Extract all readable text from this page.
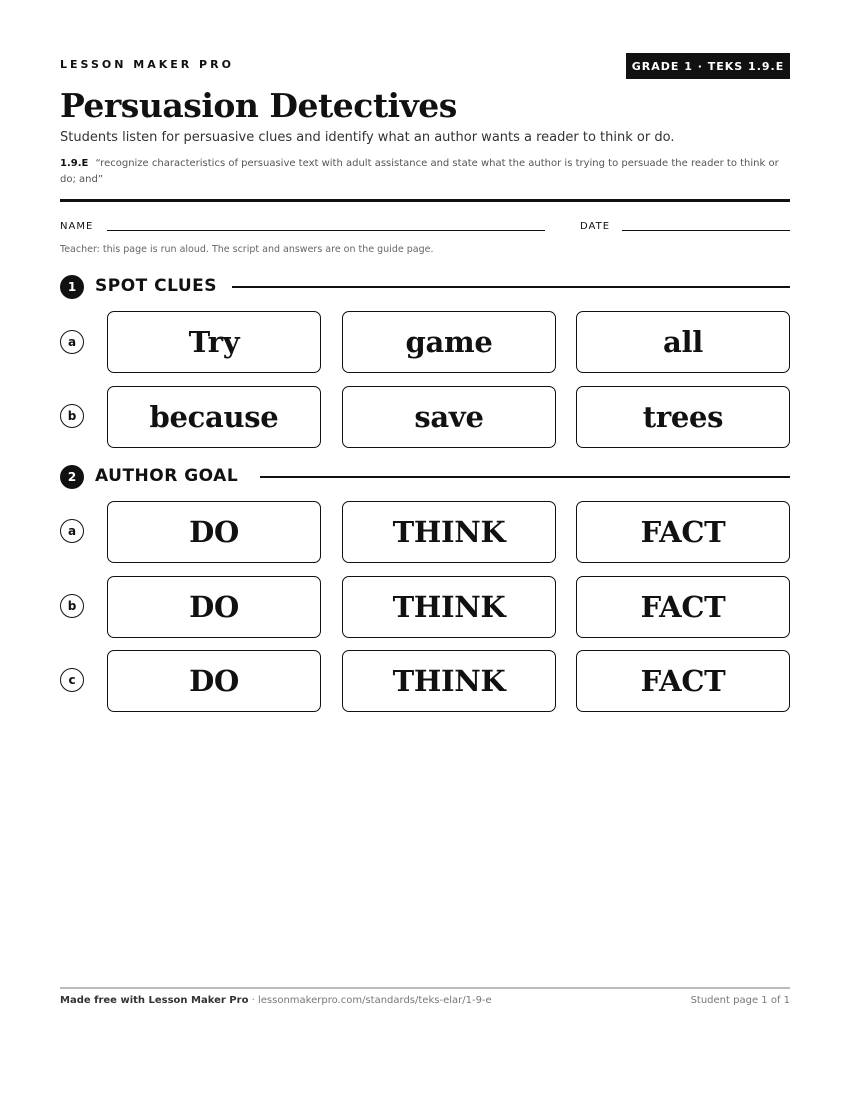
LESSON MAKER PRO	GRADE 1 · TEKS 1.9.E
Persuasion Detectives
Students listen for persuasive clues and identify what an author wants a reader to think or do.
1.9.E “recognize characteristics of persuasive text with adult assistance and state what the author is trying to persuade the reader to think or do; and”
NAME	DATE
Teacher: this page is run aloud. The script and answers are on the guide page.
1	SPOT CLUES
a	Try	game	all
b	because	save	trees
2	AUTHOR GOAL
a	DO	THINK	FACT
b	DO	THINK	FACT
c	DO	THINK	FACT
Made free with Lesson Maker Pro · lessonmakerpro.com/standards/teks-elar/1-9-e	Student page 1 of 1
